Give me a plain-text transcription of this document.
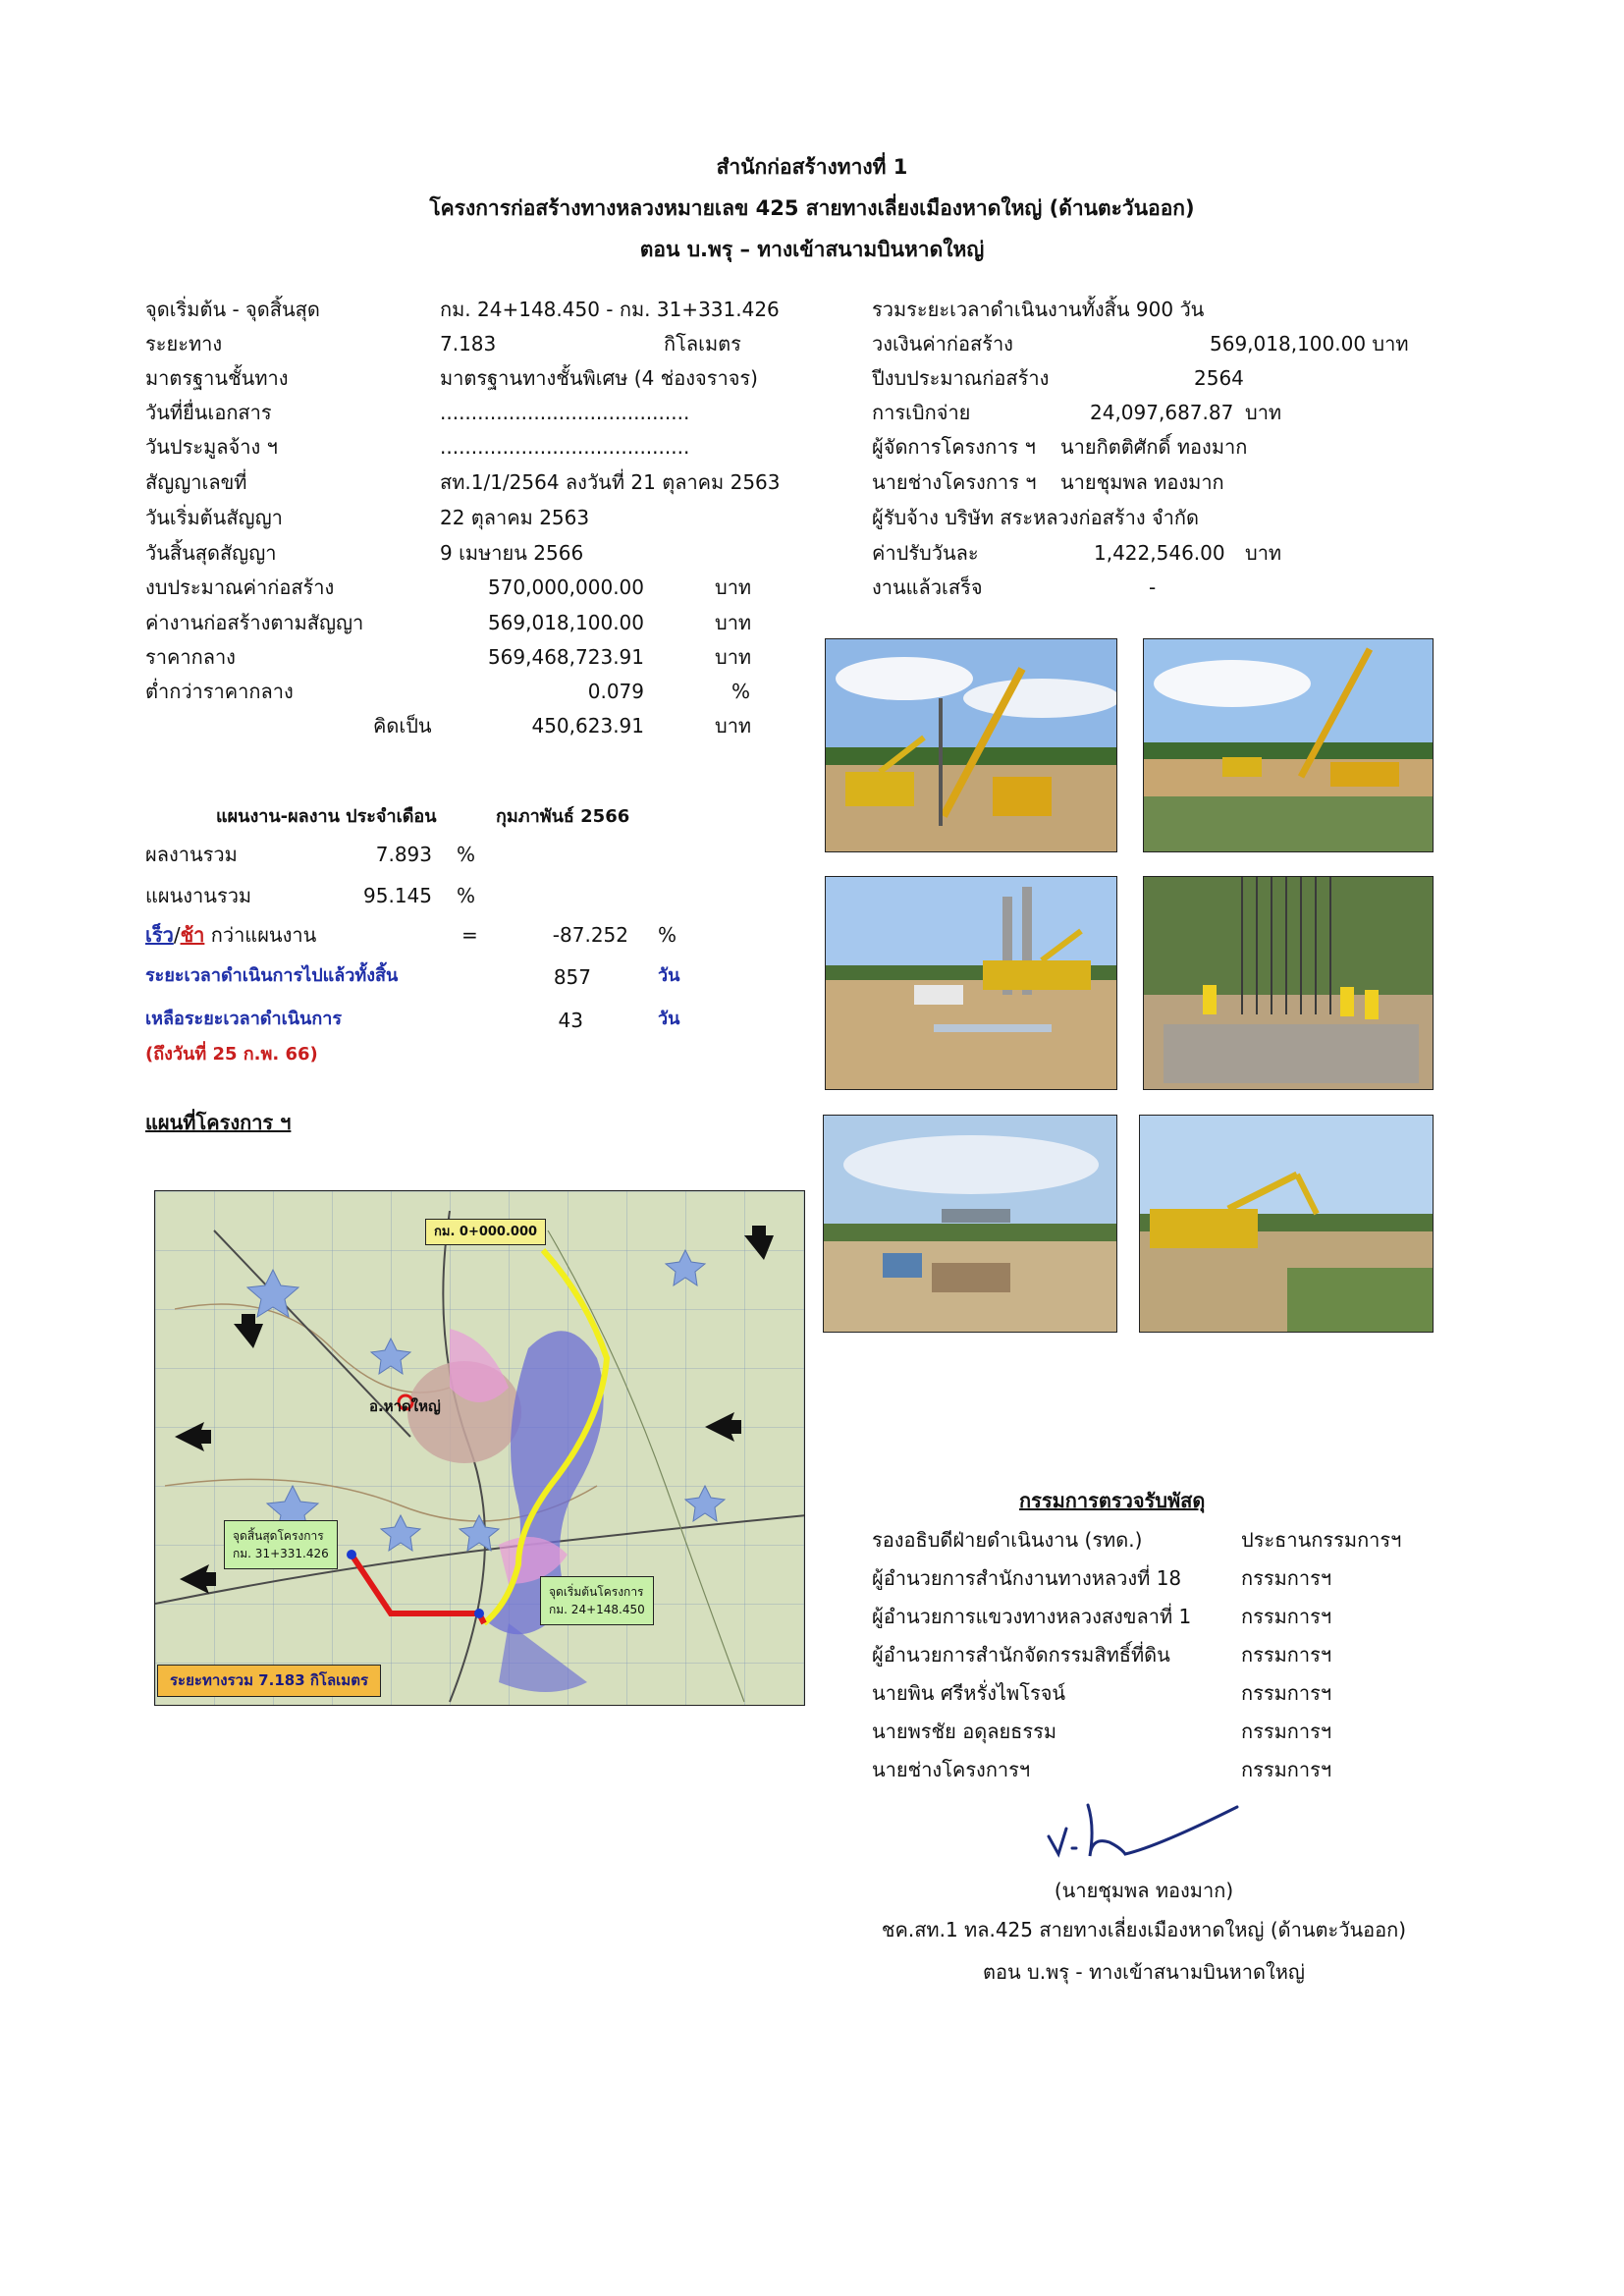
สำนักก่อสร้างทางที่ 1
โครงการก่อสร้างทางหลวงหมายเลข 425 สายทางเลี่ยงเมืองหาดใหญ่ (ด้านตะวันออก)
ตอน บ.พรุ – ทางเข้าสนามบินหาดใหญ่
จุดเริ่มต้น - จุดสิ้นสุด	กม. 24+148.450 - กม. 31+331.426
ระยะทาง	7.183	กิโลเมตร
มาตรฐานชั้นทาง	มาตรฐานทางชั้นพิเศษ (4 ช่องจราจร)
วันที่ยื่นเอกสาร	........................................
วันประมูลจ้าง ฯ	........................................
สัญญาเลขที่	สท.1/1/2564 ลงวันที่ 21 ตุลาคม 2563
วันเริ่มต้นสัญญา	22 ตุลาคม 2563
วันสิ้นสุดสัญญา	9 เมษายน 2566
งบประมาณค่าก่อสร้าง	570,000,000.00	บาท
ค่างานก่อสร้างตามสัญญา	569,018,100.00	บาท
ราคากลาง	569,468,723.91	บาท
ต่ำกว่าราคากลาง	0.079	%
คิดเป็น	450,623.91	บาท
รวมระยะเวลาดำเนินงานทั้งสิ้น 900 วัน
วงเงินค่าก่อสร้าง	569,018,100.00 บาท
ปีงบประมาณก่อสร้าง	2564
การเบิกจ่าย	24,097,687.87 บาท
ผู้จัดการโครงการ ฯ นายกิตติศักดิ์ ทองมาก
นายช่างโครงการ ฯ นายชุมพล ทองมาก
ผู้รับจ้าง บริษัท สระหลวงก่อสร้าง จำกัด
ค่าปรับวันละ	1,422,546.00 บาท
งานแล้วเสร็จ	-
แผนงาน-ผลงาน ประจำเดือน	กุมภาพันธ์ 2566
ผลงานรวม	7.893 %
แผนงานรวม	95.145 %
เร็ว/ช้า กว่าแผนงาน	=	-87.252 %
ระยะเวลาดำเนินการไปแล้วทั้งสิ้น	857	วัน
เหลือระยะเวลาดำเนินการ	43	วัน
(ถึงวันที่ 25 ก.พ. 66)
แผนที่โครงการ ฯ
กม. 0+000.000
อ.หาดใหญ่
จุดสิ้นสุดโครงการ
กม. 31+331.426
จุดเริ่มต้นโครงการ
กม. 24+148.450
ระยะทางรวม 7.183 กิโลเมตร
กรรมการตรวจรับพัสดุ
รองอธิบดีฝ่ายดำเนินงาน (รทด.)	ประธานกรรมการฯ
ผู้อำนวยการสำนักงานทางหลวงที่ 18	กรรมการฯ
ผู้อำนวยการแขวงทางหลวงสงขลาที่ 1	กรรมการฯ
ผู้อำนวยการสำนักจัดกรรมสิทธิ์ที่ดิน	กรรมการฯ
นายพิน ศรีหรั่งไพโรจน์	กรรมการฯ
นายพรชัย อดุลยธรรม	กรรมการฯ
นายช่างโครงการฯ	กรรมการฯ
(นายชุมพล ทองมาก)
ชค.สท.1 ทล.425 สายทางเลี่ยงเมืองหาดใหญ่ (ด้านตะวันออก)
ตอน บ.พรุ - ทางเข้าสนามบินหาดใหญ่
